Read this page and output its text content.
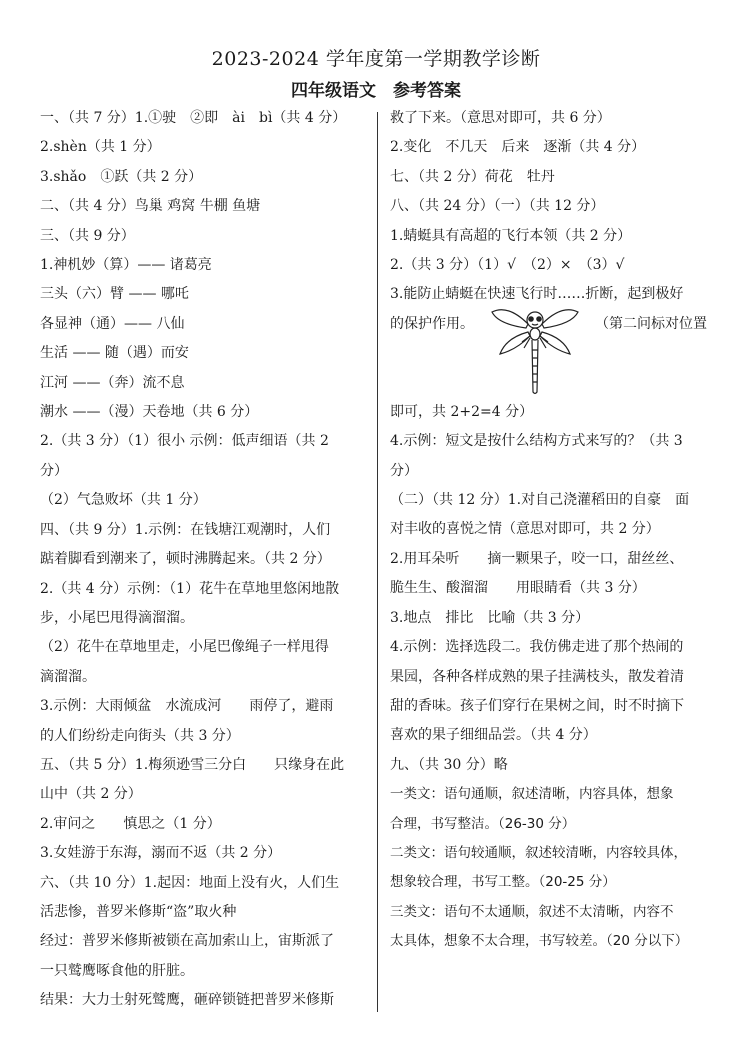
2023-2024 学年度第一学期教学诊断
四年级语文　参考答案
一、（共 7 分）1.①驶　②即　ài　bì（共 4 分）
2.shèn（共 1 分）
3.shǎo　①跃（共 2 分）
二、（共 4 分）鸟巢 鸡窝 牛棚 鱼塘
三、（共 9 分）
1.神机妙（算）—— 诸葛亮
三头（六）臂 —— 哪吒
各显神（通）—— 八仙
生活 —— 随（遇）而安
江河 ——（奔）流不息
潮水 ——（漫）天卷地（共 6 分）
2.（共 3 分）（1）很小 示例：低声细语（共 2
分）
（2）气急败坏（共 1 分）
四、（共 9 分）1.示例：在钱塘江观潮时，人们
踮着脚看到潮来了，顿时沸腾起来。（共 2 分）
2.（共 4 分）示例：（1）花牛在草地里悠闲地散
步，小尾巴甩得滴溜溜。
（2）花牛在草地里走，小尾巴像绳子一样甩得
滴溜溜。
3.示例：大雨倾盆　水流成河　　雨停了，避雨
的人们纷纷走向街头（共 3 分）
五、（共 5 分）1.梅须逊雪三分白　　只缘身在此
山中（共 2 分）
2.审问之　　慎思之（1 分）
3.女娃游于东海，溺而不返（共 2 分）
六、（共 10 分）1.起因：地面上没有火，人们生
活悲惨，普罗米修斯“盗”取火种
经过：普罗米修斯被锁在高加索山上，宙斯派了
一只鹫鹰啄食他的肝脏。
结果：大力士射死鹫鹰，砸碎锁链把普罗米修斯
救了下来。（意思对即可，共 6 分）
2.变化　不几天　后来　逐渐（共 4 分）
七、（共 2 分）荷花　牡丹
八、（共 24 分）（一）（共 12 分）
1.蜻蜓具有高超的飞行本领（共 2 分）
2.（共 3 分）（1）√　（2）×　（3）√
3.能防止蜻蜓在快速飞行时……折断，起到极好
的保护作用。	（第二问标对位置
即可，共 2+2=4 分）
4.示例：短文是按什么结构方式来写的？（共 3
分）
（二）（共 12 分）1.对自己浇灌稻田的自豪　面
对丰收的喜悦之情（意思对即可，共 2 分）
2.用耳朵听　　摘一颗果子，咬一口，甜丝丝、
脆生生、酸溜溜　　用眼睛看（共 3 分）
3.地点　排比　比喻（共 3 分）
4.示例：选择选段二。我仿佛走进了那个热闹的
果园，各种各样成熟的果子挂满枝头，散发着清
甜的香味。孩子们穿行在果树之间，时不时摘下
喜欢的果子细细品尝。（共 4 分）
九、（共 30 分）略
一类文：语句通顺，叙述清晰，内容具体，想象
合理，书写整洁。（26-30 分）
二类文：语句较通顺，叙述较清晰，内容较具体，
想象较合理，书写工整。（20-25 分）
三类文：语句不太通顺，叙述不太清晰，内容不
太具体，想象不太合理，书写较差。（20 分以下）
